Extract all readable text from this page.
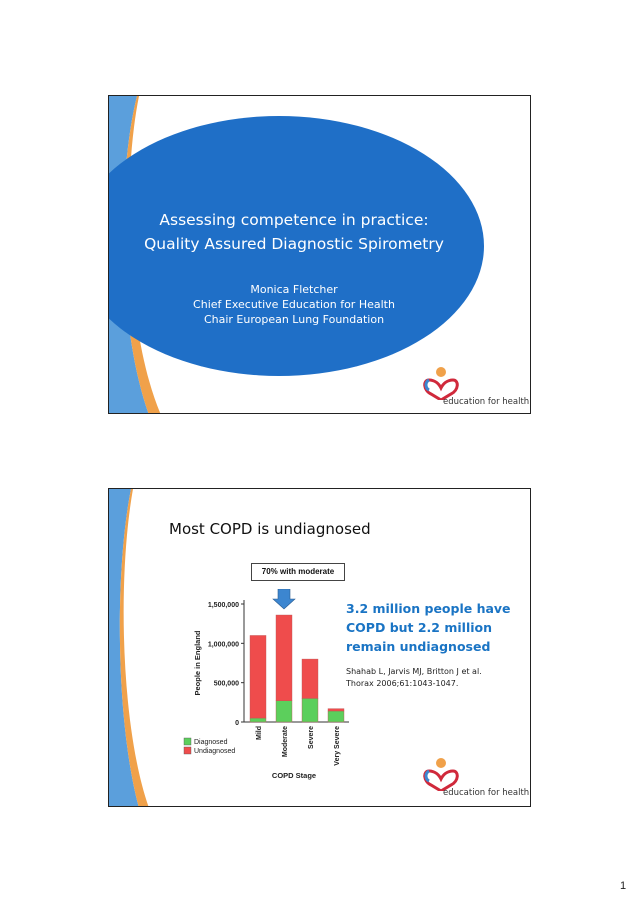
Assessing competence in practice:
Quality Assured Diagnostic Spirometry
Monica Fletcher
Chief Executive Education for Health
Chair European Lung Foundation
education for health
Most COPD is undiagnosed
70% with moderate
0
500,000
1,000,000
1,500,000
People in England
Mild	Moderate	Severe	Very Severe
COPD Stage
Diagnosed
Undiagnosed
3.2 million people have
COPD but 2.2 million
remain undiagnosed
Shahab L, Jarvis MJ, Britton J et al.
Thorax 2006;61:1043-1047.
education for health
1
